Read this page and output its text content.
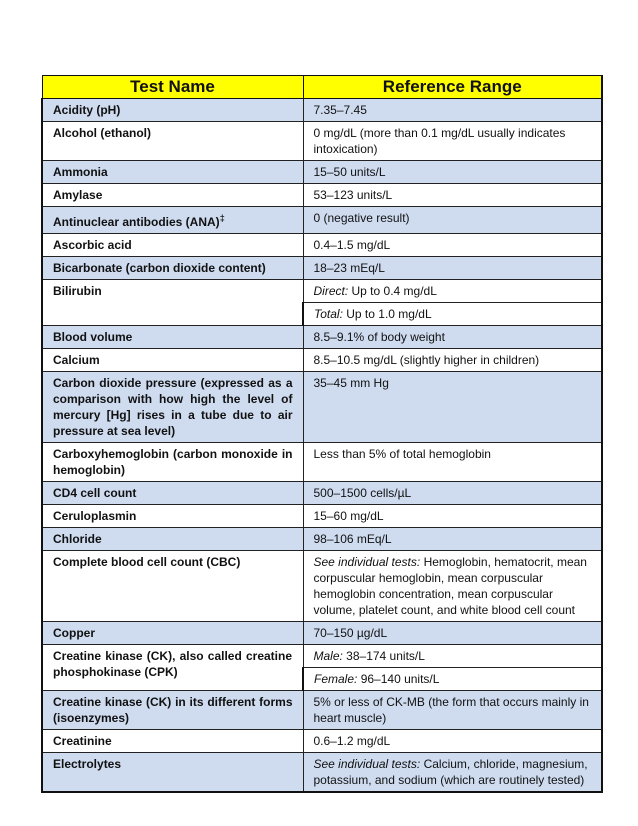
Test Name	Reference Range
Acidity (pH)	7.35–7.45
Alcohol (ethanol)	0 mg/dL (more than 0.1 mg/dL usually indicates intoxication)
Ammonia	15–50 units/L
Amylase	53–123 units/L
Antinuclear antibodies (ANA)‡	0 (negative result)
Ascorbic acid	0.4–1.5 mg/dL
Bicarbonate (carbon dioxide content)	18–23 mEq/L
Bilirubin	Direct: Up to 0.4 mg/dL
	Total: Up to 1.0 mg/dL
Blood volume	8.5–9.1% of body weight
Calcium	8.5–10.5 mg/dL (slightly higher in children)
Carbon dioxide pressure (expressed as a comparison with how high the level of mercury [Hg] rises in a tube due to air pressure at sea level)	35–45 mm Hg
Carboxyhemoglobin (carbon monoxide in hemoglobin)	Less than 5% of total hemoglobin
CD4 cell count	500–1500 cells/µL
Ceruloplasmin	15–60 mg/dL
Chloride	98–106 mEq/L
Complete blood cell count (CBC)	See individual tests: Hemoglobin, hematocrit, mean corpuscular hemoglobin, mean corpuscular hemoglobin concentration, mean corpuscular volume, platelet count, and white blood cell count
Copper	70–150 µg/dL
Creatine kinase (CK), also called creatine phosphokinase (CPK)	Male: 38–174 units/L
	Female: 96–140 units/L
Creatine kinase (CK) in its different forms (isoenzymes)	5% or less of CK-MB (the form that occurs mainly in heart muscle)
Creatinine	0.6–1.2 mg/dL
Electrolytes	See individual tests: Calcium, chloride, magnesium, potassium, and sodium (which are routinely tested)
